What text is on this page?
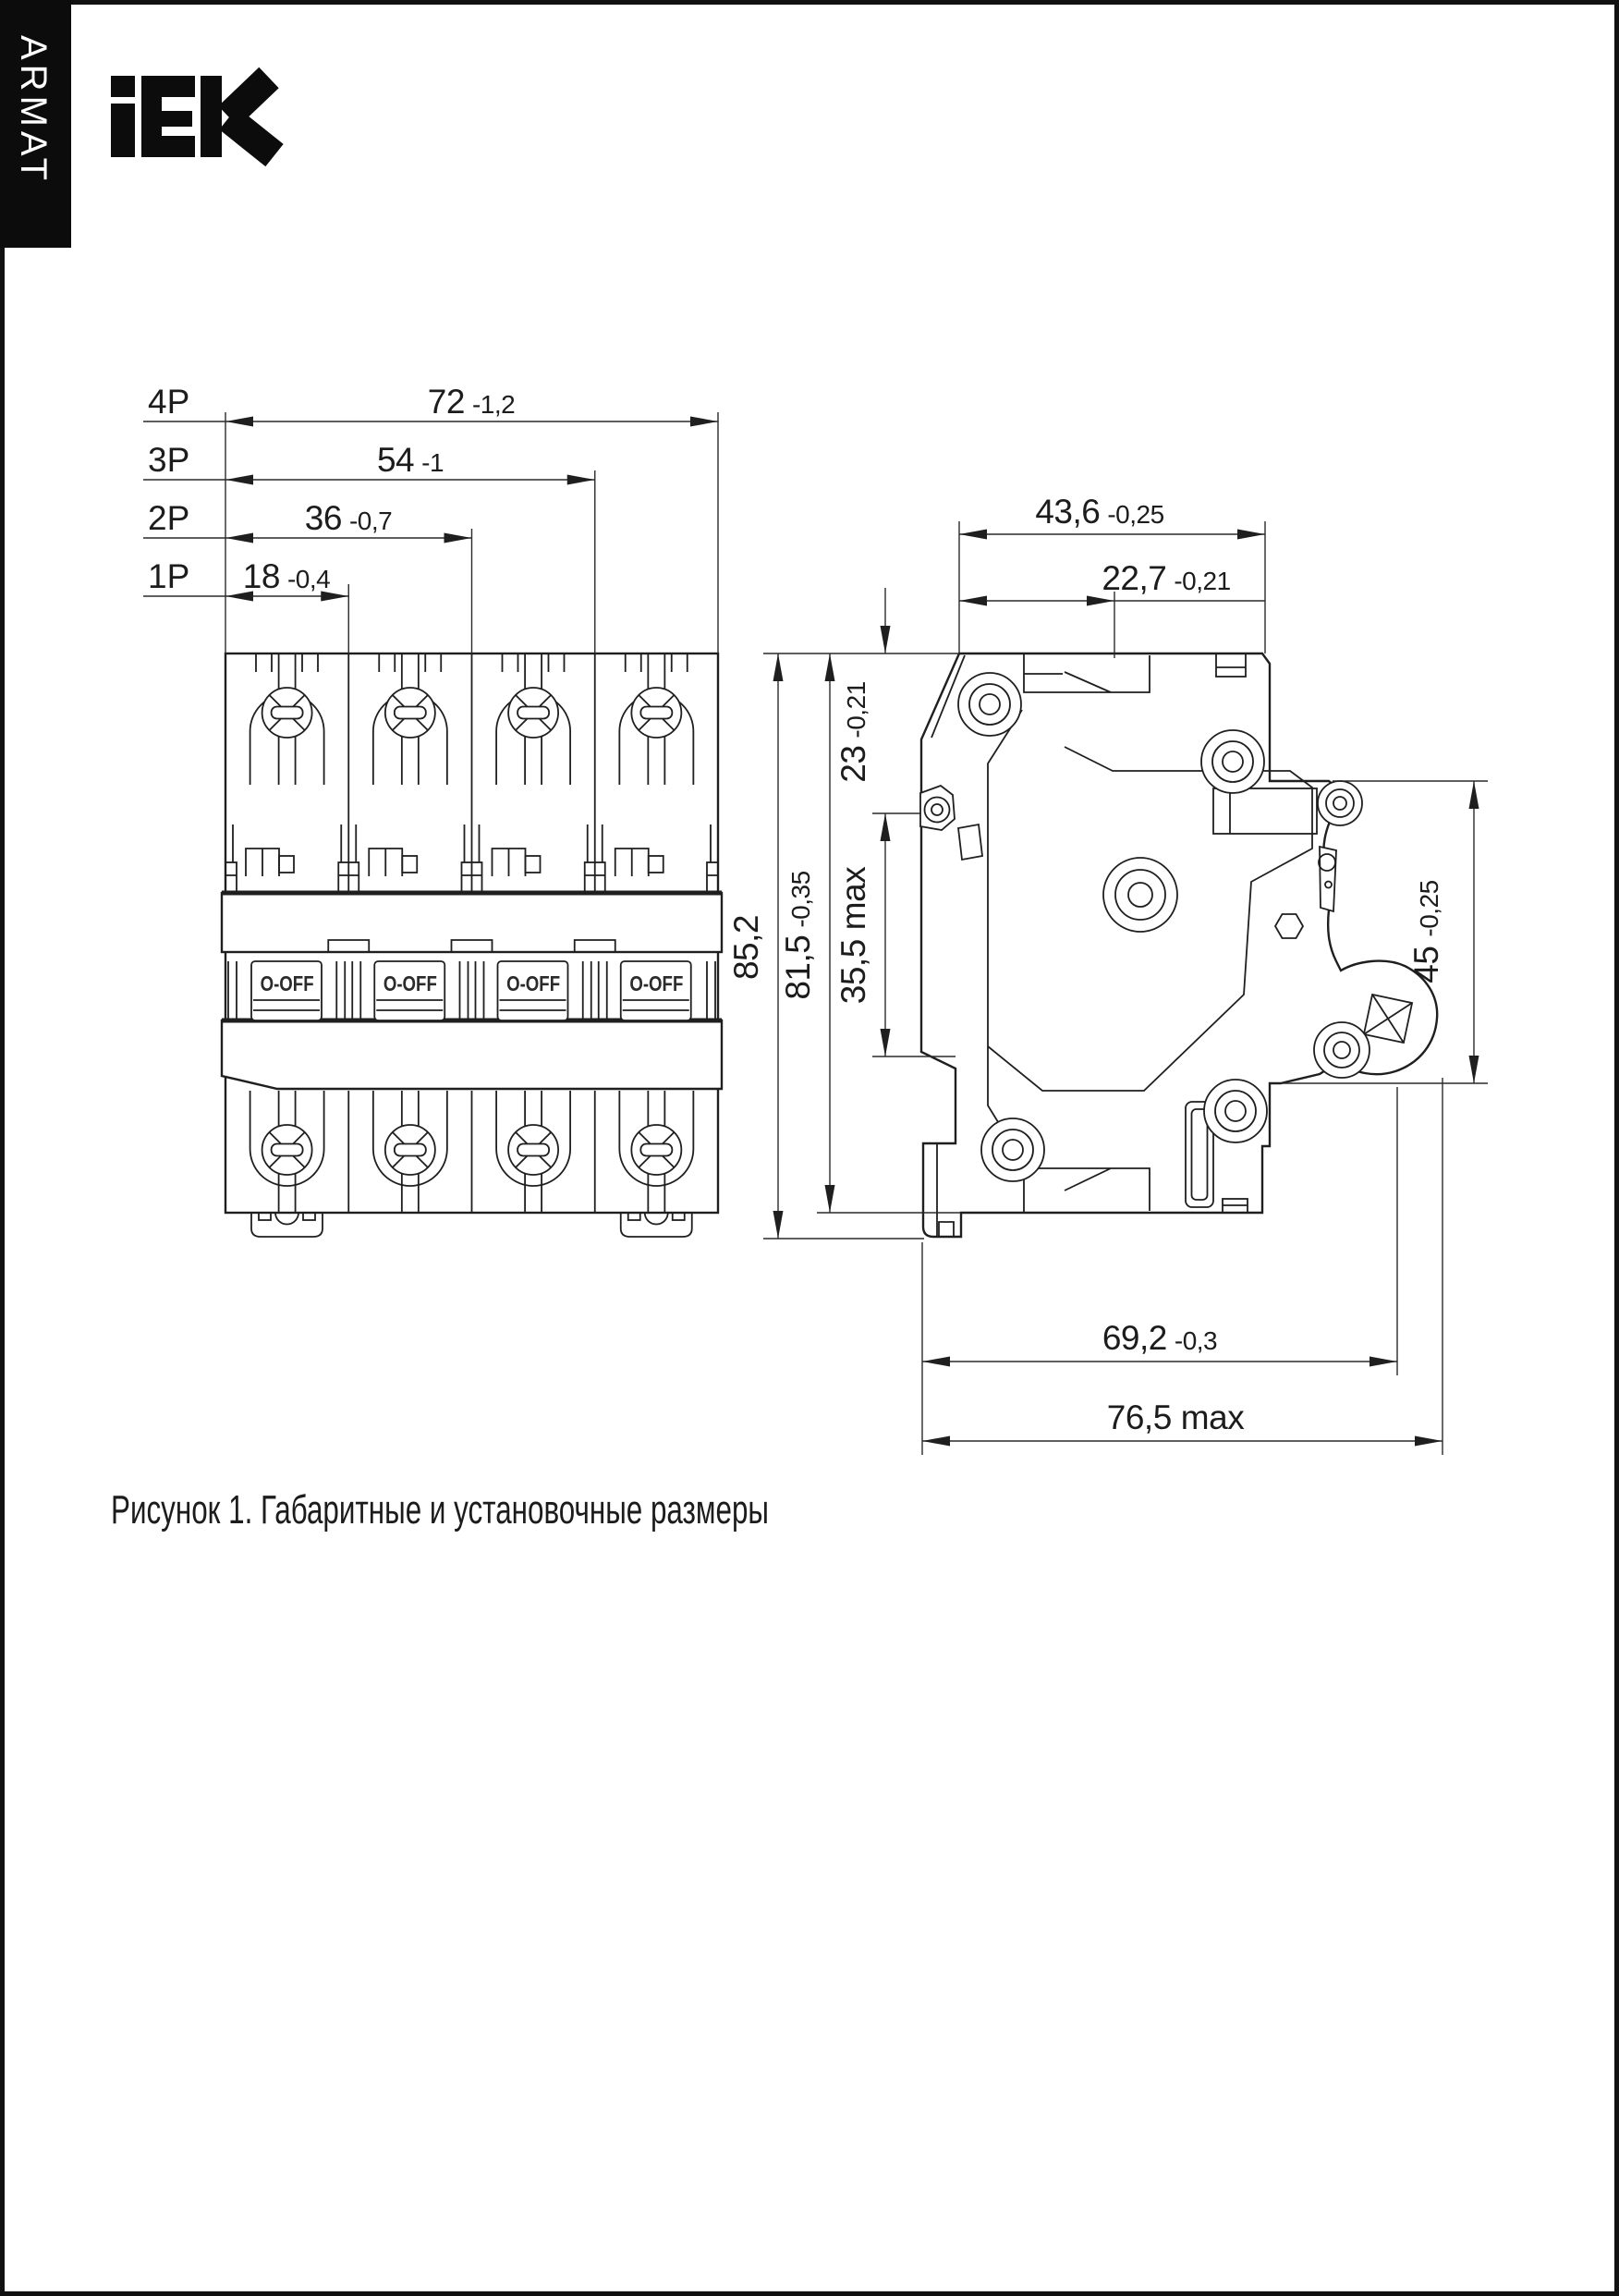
O-OFF
ARMAT
4P
3P
2P
1P
72 -1,2
54 -1
36 -0,7
18 -0,4
43,6 -0,25
22,7 -0,21
85,2 81,5-0,35
35,5max
23-0,21
45-0,25
69,2 -0,3
76,5 max
Рисунок 1. Габаритные и установочные размеры
